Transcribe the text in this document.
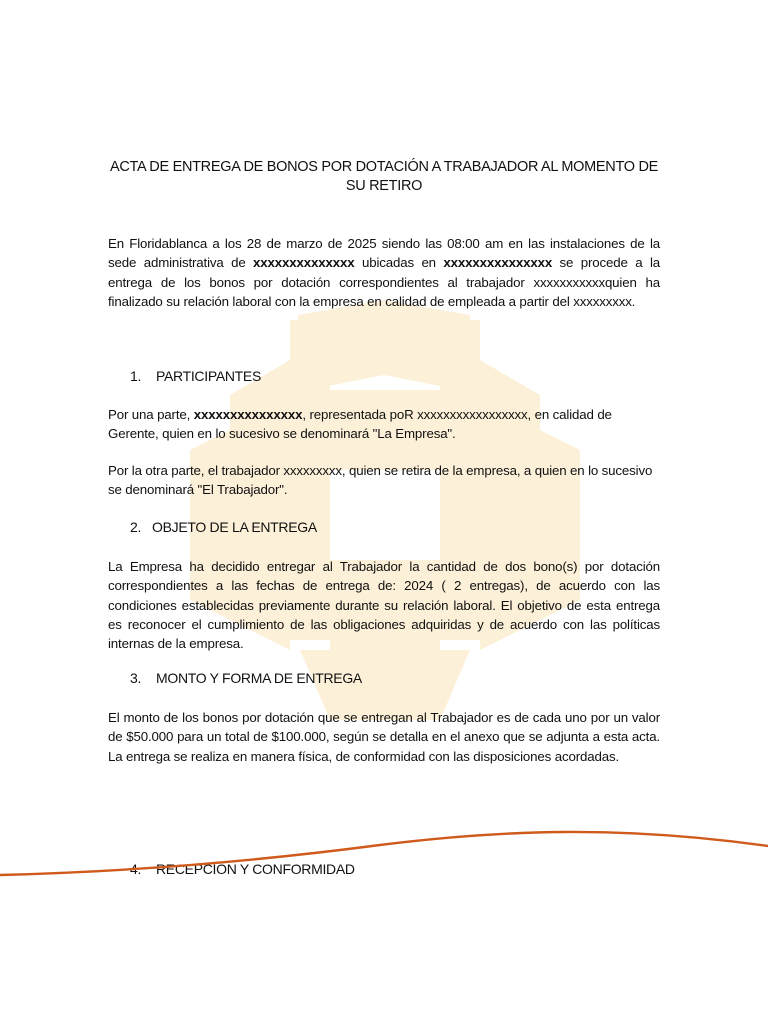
ACTA DE ENTREGA DE BONOS POR DOTACIÓN A TRABAJADOR AL MOMENTO DE SU RETIRO

En Floridablanca a los 28 de marzo de 2025 siendo las 08:00 am en las instalaciones de la sede administrativa de xxxxxxxxxxxxxx ubicadas en xxxxxxxxxxxxxxx se procede a la entrega de los bonos por dotación correspondientes al trabajador xxxxxxxxxxxquien ha finalizado su relación laboral con la empresa en calidad de empleada a partir del xxxxxxxxx.

1. PARTICIPANTES

Por una parte, xxxxxxxxxxxxxxx, representada poR xxxxxxxxxxxxxxxxx, en calidad de Gerente, quien en lo sucesivo se denominará "La Empresa".

Por la otra parte, el trabajador xxxxxxxxx, quien se retira de la empresa, a quien en lo sucesivo se denominará "El Trabajador".

2. OBJETO DE LA ENTREGA

La Empresa ha decidido entregar al Trabajador la cantidad de dos bono(s) por dotación correspondientes a las fechas de entrega de: 2024 ( 2 entregas), de acuerdo con las condiciones establecidas previamente durante su relación laboral. El objetivo de esta entrega es reconocer el cumplimiento de las obligaciones adquiridas y de acuerdo con las políticas internas de la empresa.

3. MONTO Y FORMA DE ENTREGA

El monto de los bonos por dotación que se entregan al Trabajador es de cada uno por un valor de $50.000 para un total de $100.000, según se detalla en el anexo que se adjunta a esta acta. La entrega se realiza en manera física, de conformidad con las disposiciones acordadas.

4. RECEPCIÓN Y CONFORMIDAD
